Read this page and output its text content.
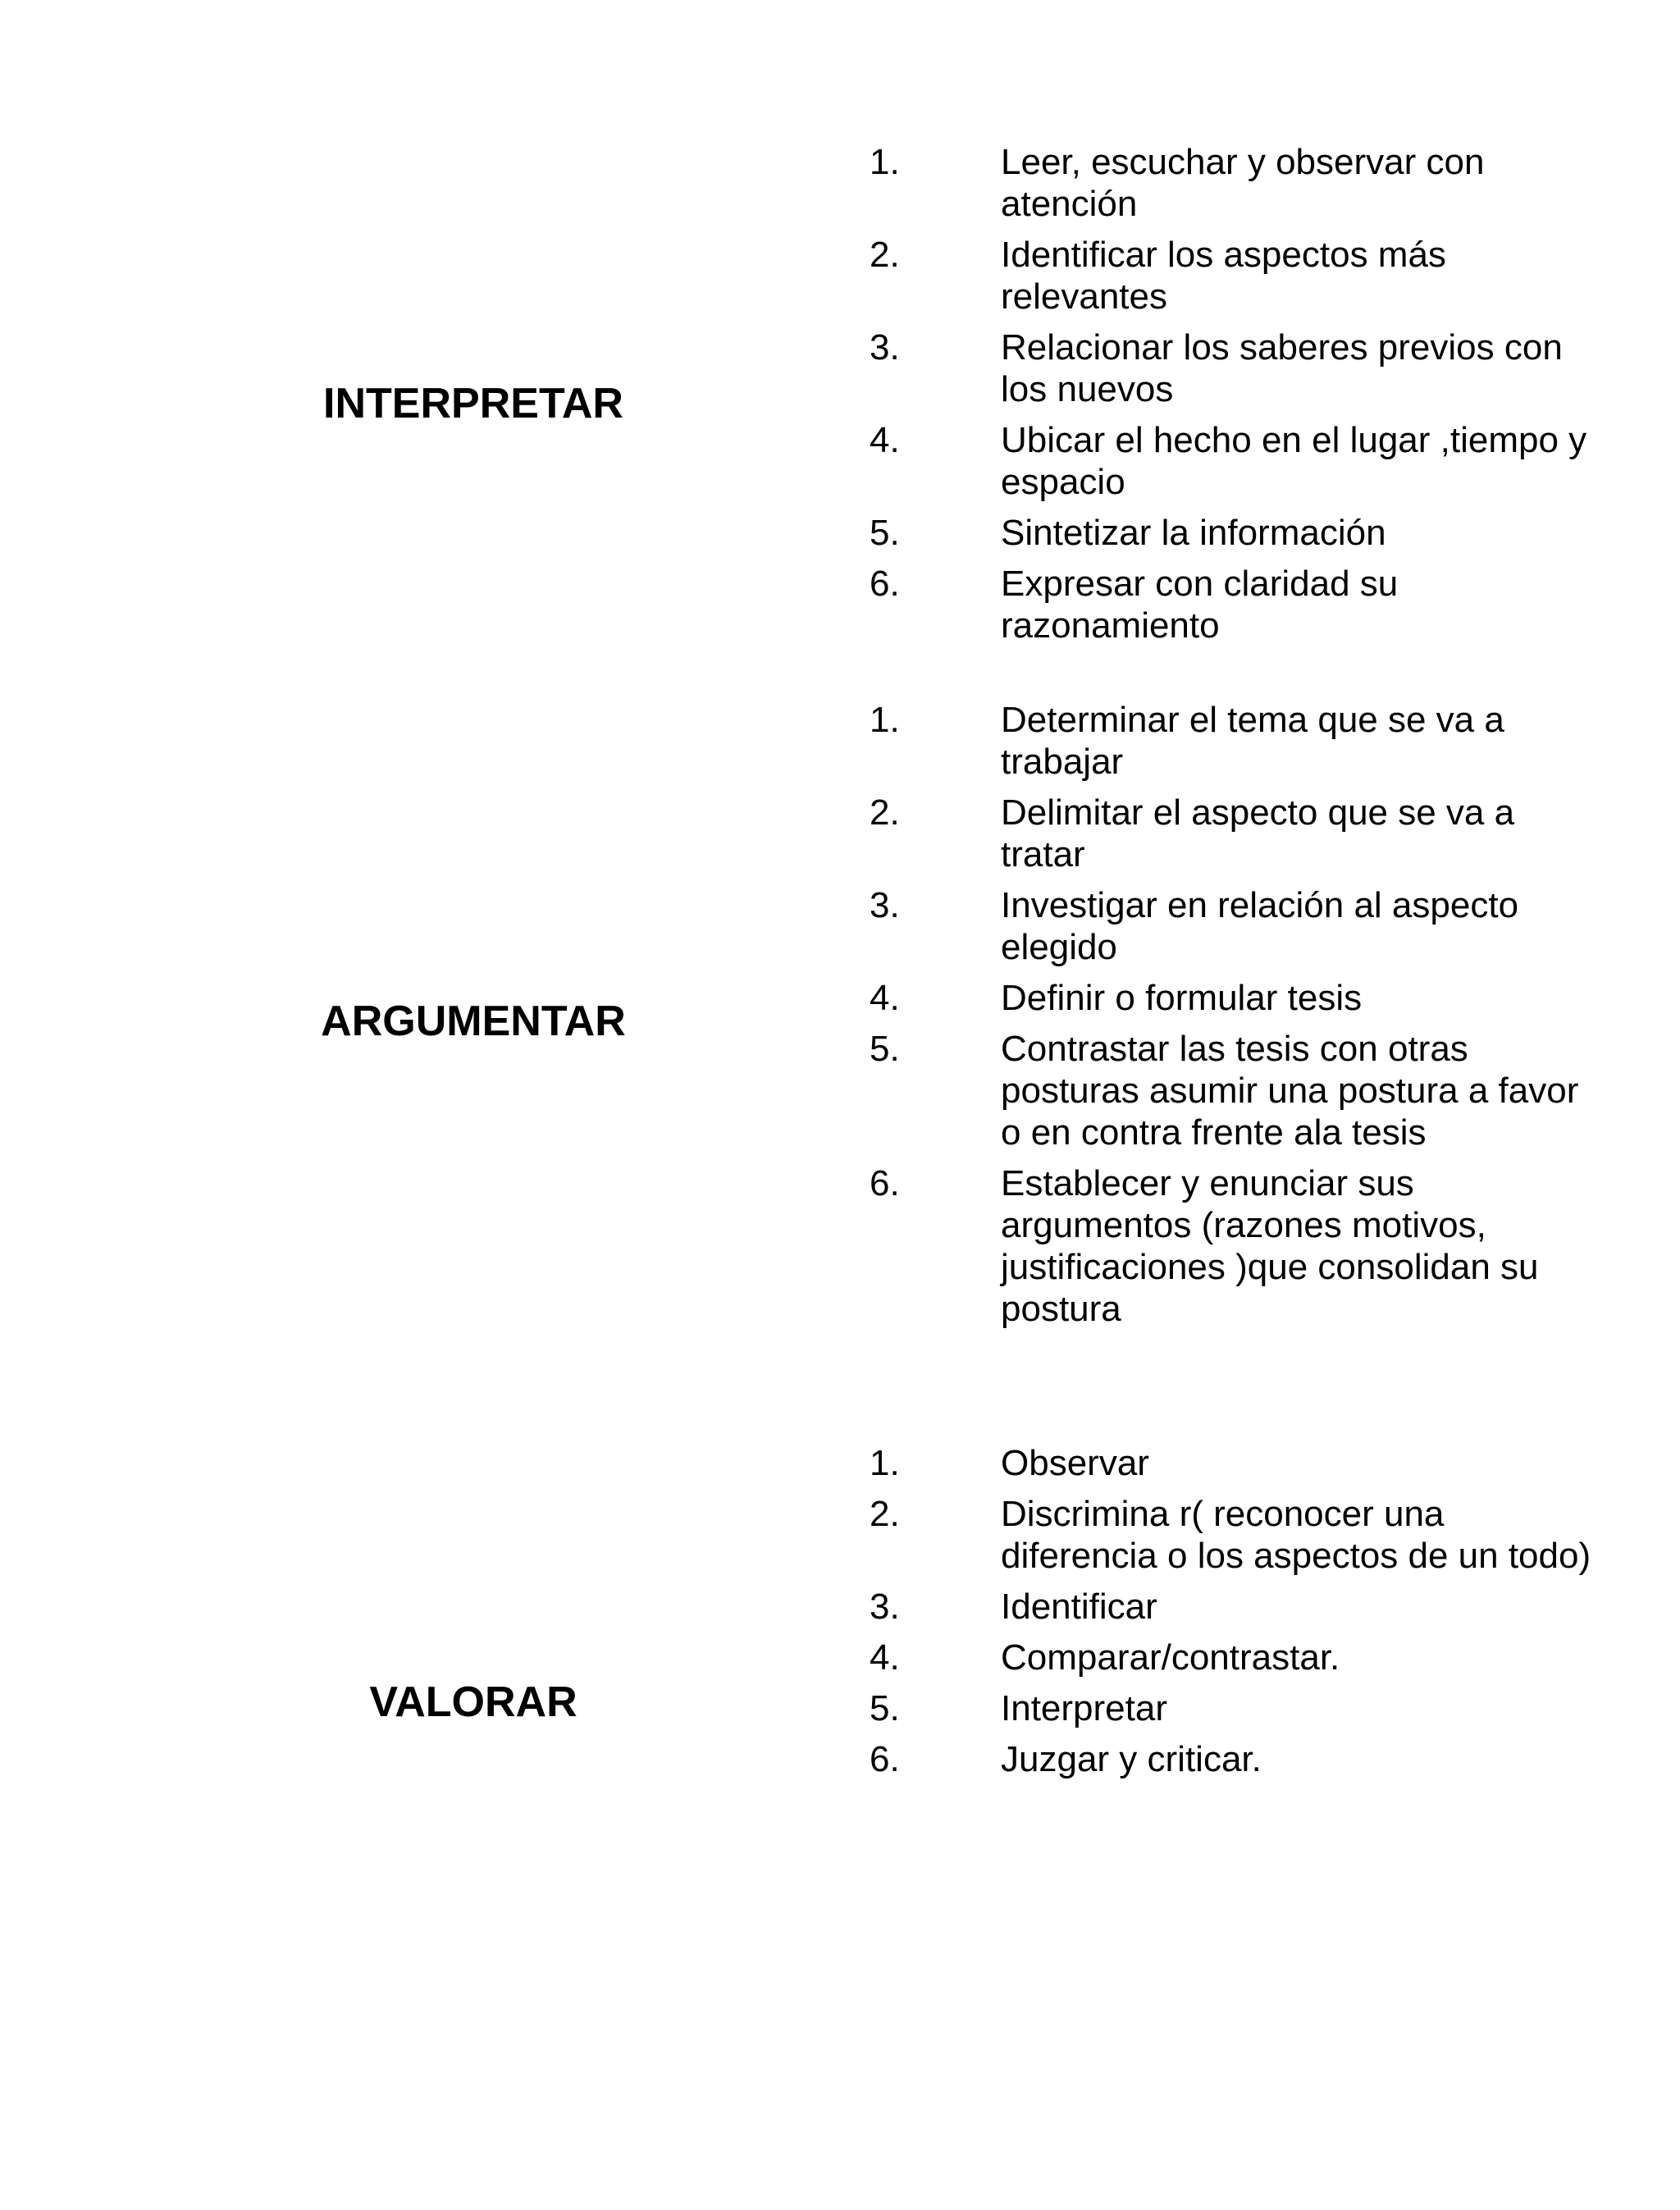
INTERPRETAR
1.	Leer, escuchar y observar con atención
2.	Identificar los aspectos más relevantes
3.	Relacionar los saberes previos con los nuevos
4.	Ubicar el hecho en el lugar ,tiempo y espacio
5.	Sintetizar la información
6.	Expresar con claridad su razonamiento
ARGUMENTAR
1.	Determinar el tema que se va a trabajar
2.	Delimitar el aspecto que se va a tratar
3.	Investigar en relación al aspecto elegido
4.	Definir o formular tesis
5.	Contrastar las tesis con otras posturas asumir una postura a favor o en contra frente ala tesis
6.	Establecer y enunciar sus argumentos (razones motivos, justificaciones )que consolidan su postura
VALORAR
1.	Observar
2.	Discrimina r( reconocer una diferencia o los aspectos de un todo)
3.	Identificar
4.	Comparar/contrastar.
5.	Interpretar
6.	Juzgar y criticar.
